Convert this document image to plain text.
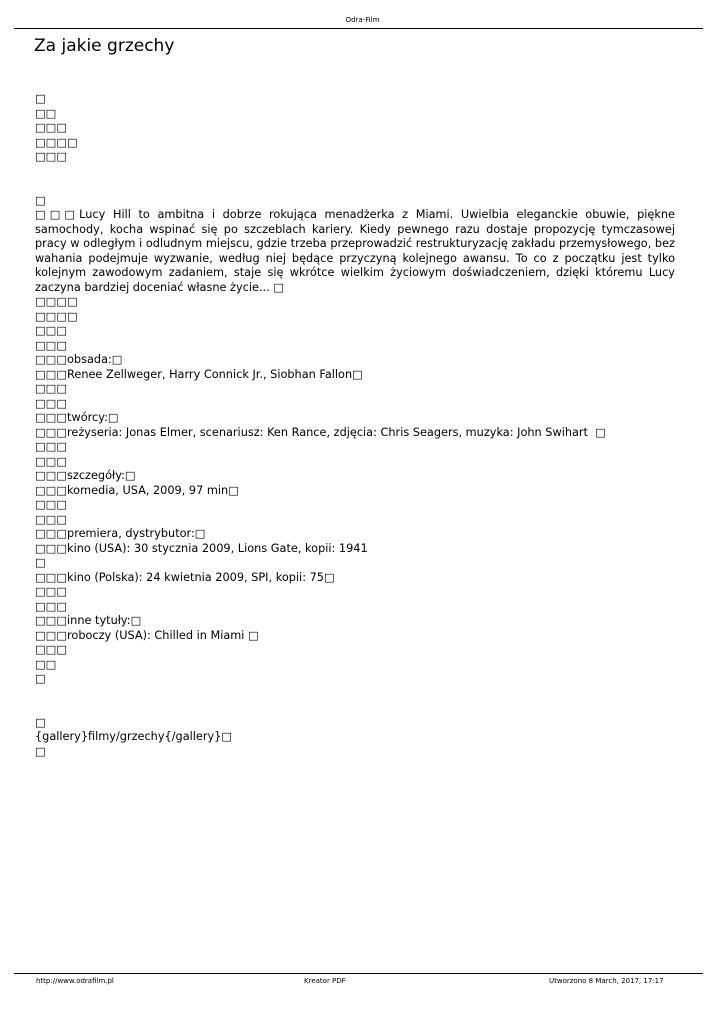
Odra-Film
Za jakie grzechy
□
□□
□□□
□□□□
□□□
□
□□□Lucy Hill to ambitna i dobrze rokująca menadżerka z Miami. Uwielbia eleganckie obuwie, piękne samochody, kocha wspinać się po szczeblach kariery. Kiedy pewnego razu dostaje propozycję tymczasowej pracy w odległym i odludnym miejscu, gdzie trzeba przeprowadzić restrukturyzację zakładu przemysłowego, bez wahania podejmuje wyzwanie, według niej będące przyczyną kolejnego awansu. To co z początku jest tylko kolejnym zawodowym zadaniem, staje się wkrótce wielkim życiowym doświadczeniem, dzięki któremu Lucy zaczyna bardziej doceniać własne życie... □
□□□□
□□□□
□□□
□□□
□□□obsada:□
□□□Renee Zellweger, Harry Connick Jr., Siobhan Fallon□
□□□
□□□
□□□twórcy:□
□□□reżyseria: Jonas Elmer, scenariusz: Ken Rance, zdjęcia: Chris Seagers, muzyka: John Swihart  □
□□□
□□□
□□□szczegóły:□
□□□komedia, USA, 2009, 97 min□
□□□
□□□
□□□premiera, dystrybutor:□
□□□kino (USA): 30 stycznia 2009, Lions Gate, kopii: 1941
□
□□□kino (Polska): 24 kwietnia 2009, SPI, kopii: 75□
□□□
□□□
□□□inne tytuły:□
□□□roboczy (USA): Chilled in Miami □
□□□
□□
□
□
{gallery}filmy/grzechy{/gallery}□
□
http://www.odrafilm.pl	Kreator PDF	Utworzono 8 March, 2017, 17:17
